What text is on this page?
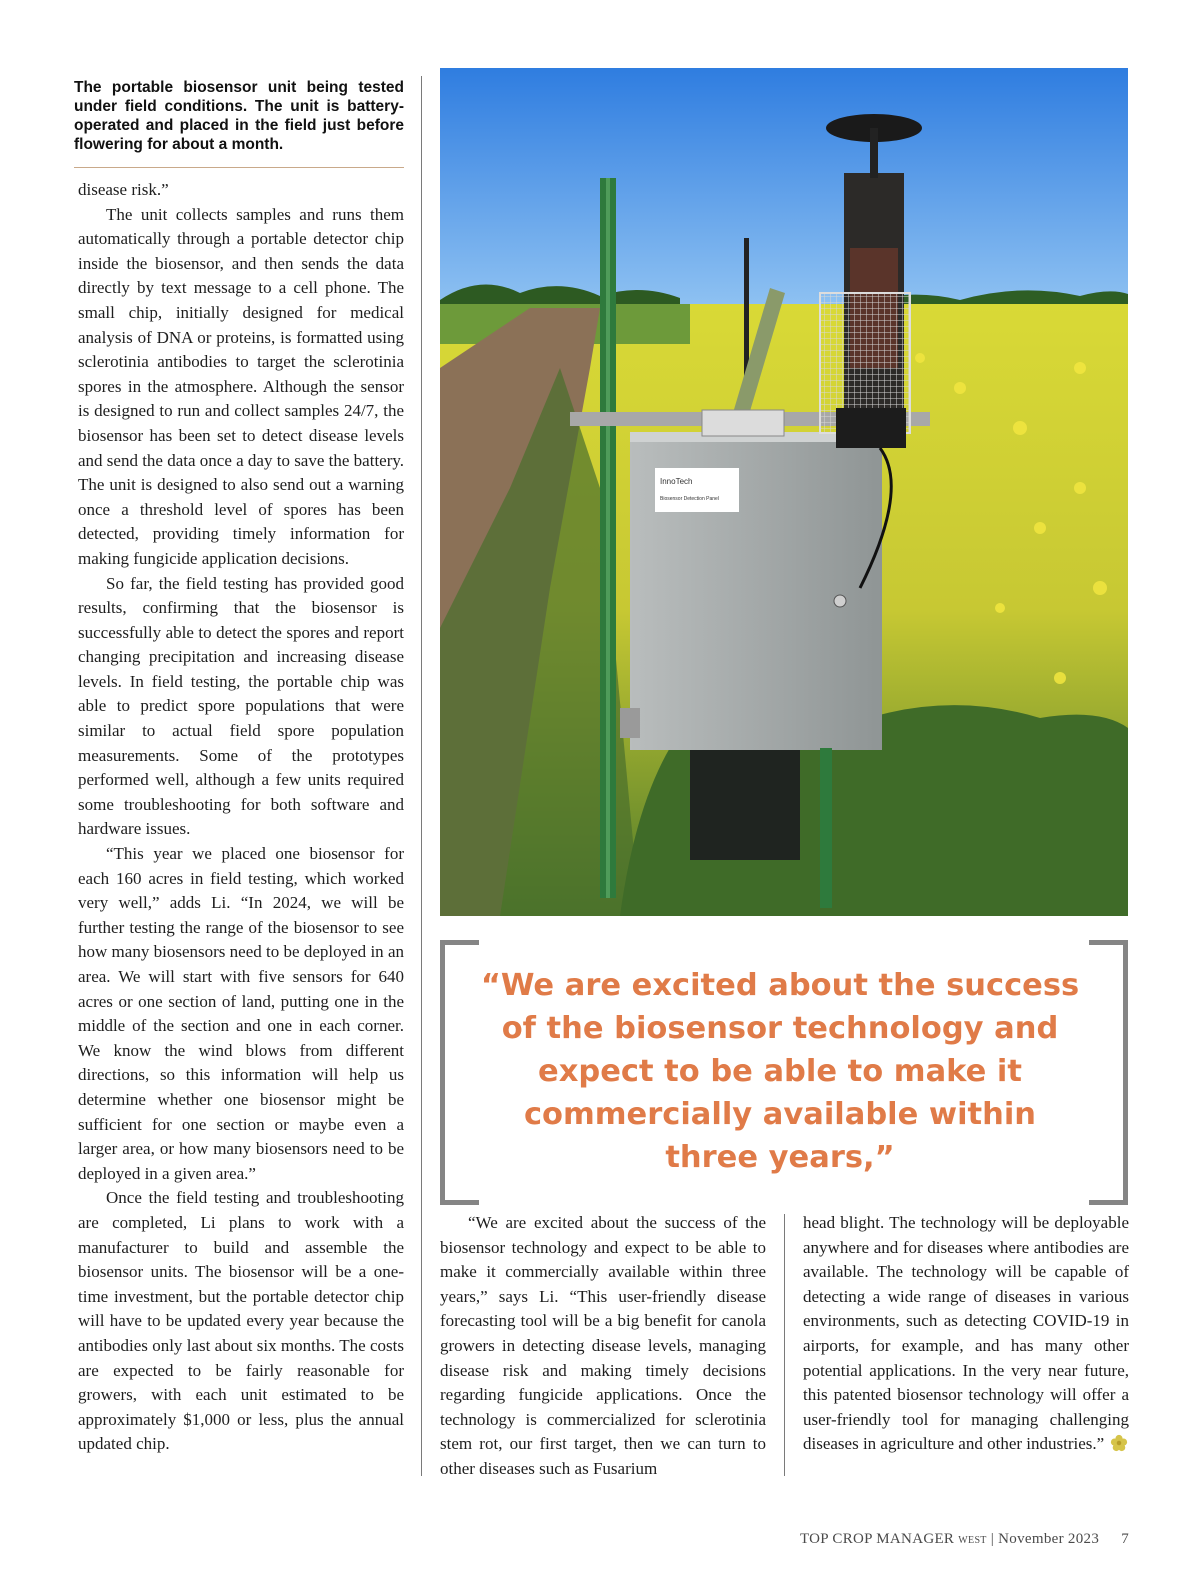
The portable biosensor unit being tested under field conditions. The unit is battery-operated and placed in the field just before flowering for about a month.

disease risk.”

The unit collects samples and runs them automatically through a portable detector chip inside the biosensor, and then sends the data directly by text message to a cell phone. The small chip, initially designed for medical analysis of DNA or proteins, is formatted using sclerotinia antibodies to target the sclerotinia spores in the atmosphere. Although the sensor is designed to run and collect samples 24/7, the biosensor has been set to detect disease levels and send the data once a day to save the battery. The unit is designed to also send out a warning once a threshold level of spores has been detected, providing timely information for making fungicide application decisions.

So far, the field testing has provided good results, confirming that the biosensor is successfully able to detect the spores and report changing precipitation and increasing disease levels. In field testing, the portable chip was able to predict spore populations that were similar to actual field spore population measurements. Some of the prototypes performed well, although a few units required some troubleshooting for both software and hardware issues.

“This year we placed one biosensor for each 160 acres in field testing, which worked very well,” adds Li. “In 2024, we will be further testing the range of the biosensor to see how many biosensors need to be deployed in an area. We will start with five sensors for 640 acres or one section of land, putting one in the middle of the section and one in each corner. We know the wind blows from different directions, so this information will help us determine whether one biosensor might be sufficient for one section or maybe even a larger area, or how many biosensors need to be deployed in a given area.”

Once the field testing and troubleshooting are completed, Li plans to work with a manufacturer to build and assemble the biosensor units. The biosensor will be a one-time investment, but the portable detector chip will have to be updated every year because the antibodies only last about six months. The costs are expected to be fairly reasonable for growers, with each unit estimated to be approximately $1,000 or less, plus the annual updated chip.

InnoTech
Biosensor Detection Panel
“We are excited about the success of the biosensor technology and expect to be able to make it commercially available within three years,”

“We are excited about the success of the biosensor technology and expect to be able to make it commercially available within three years,” says Li. “This user-friendly disease forecasting tool will be a big benefit for canola growers in detecting disease levels, managing disease risk and making timely decisions regarding fungicide applications. Once the technology is commercialized for sclerotinia stem rot, our first target, then we can turn to other diseases such as Fusarium

head blight. The technology will be deployable anywhere and for diseases where antibodies are available. The technology will be capable of detecting a wide range of diseases in various environments, such as detecting COVID-19 in airports, for example, and has many other potential applications. In the very near future, this patented biosensor technology will offer a user-friendly tool for managing challenging diseases in agriculture and other industries.”

TOP CROP MANAGER west | November 2023 7
